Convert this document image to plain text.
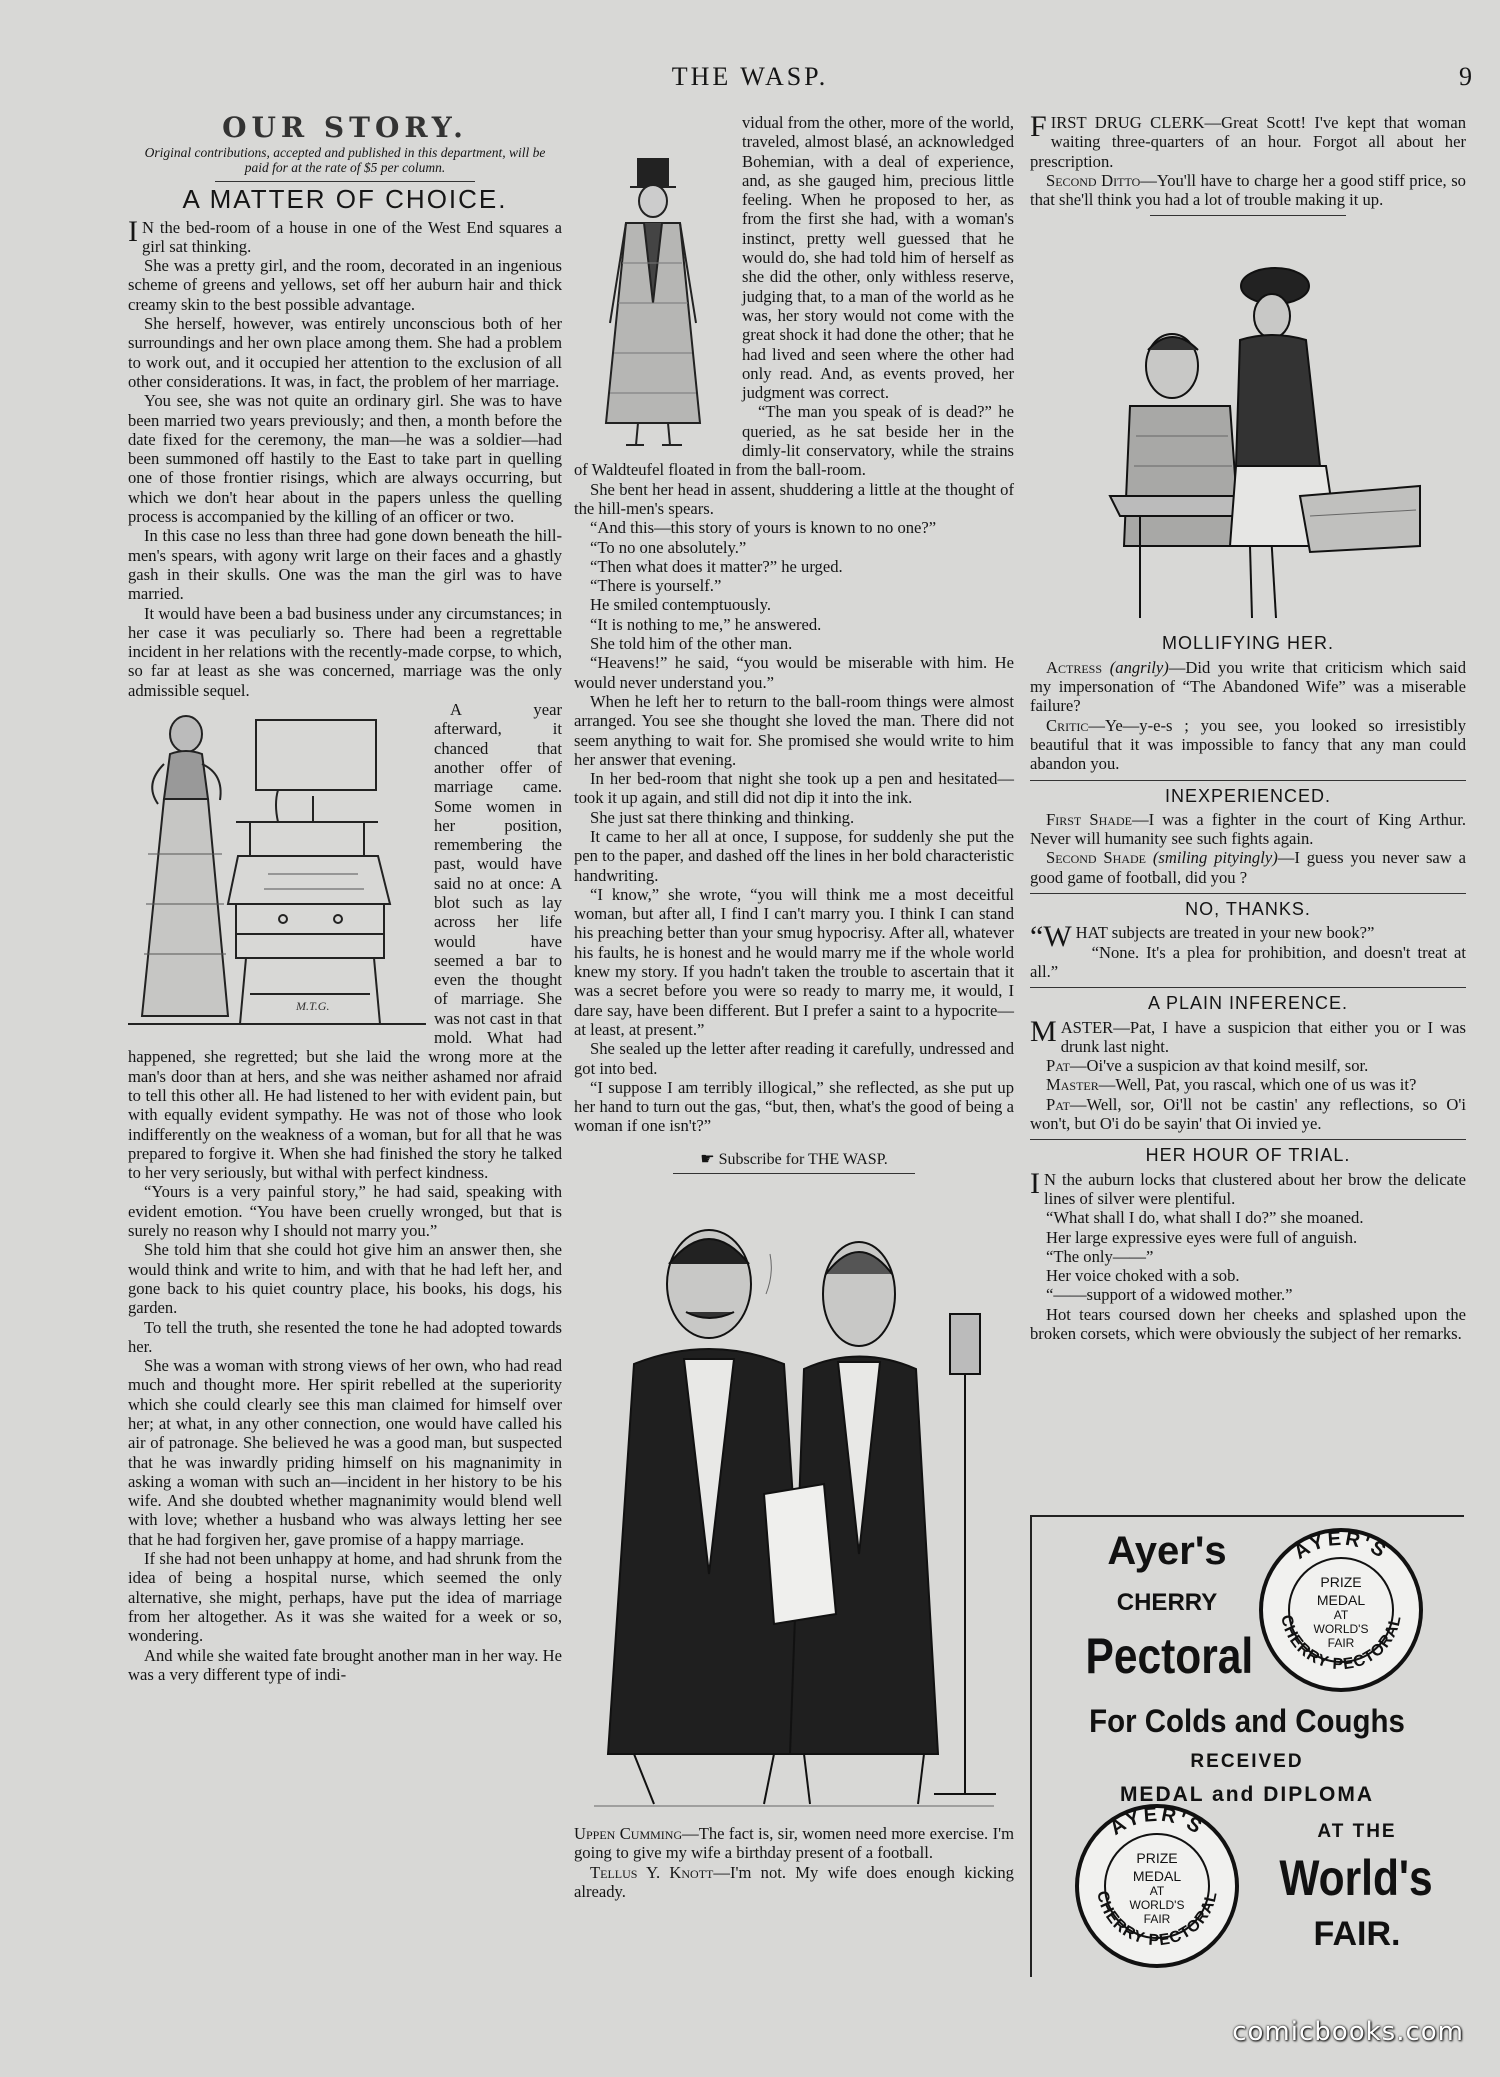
THE WASP.	9
OUR STORY.
Original contributions, accepted and published in this department, will be paid for at the rate of $5 per column.
A MATTER OF CHOICE.

I N the bed-room of a house in one of the West End squares a girl sat thinking.

She was a pretty girl, and the room, decorated in an ingenious scheme of greens and yellows, set off her auburn hair and thick creamy skin to the best possible advantage.

She herself, however, was entirely unconscious both of her surroundings and her own place among them. She had a problem to work out, and it occupied her attention to the exclusion of all other considerations. It was, in fact, the problem of her marriage.

You see, she was not quite an ordinary girl. She was to have been married two years previously; and then, a month before the date fixed for the ceremony, the man—he was a soldier—had been summoned off hastily to the East to take part in quelling one of those frontier risings, which are always occurring, but which we don't hear about in the papers unless the quelling process is accompanied by the killing of an officer or two.

In this case no less than three had gone down beneath the hill-men's spears, with agony writ large on their faces and a ghastly gash in their skulls. One was the man the girl was to have married.

It would have been a bad business under any circumstances; in her case it was peculiarly so. There had been a regrettable incident in her relations with the recently-made corpse, to which, so far at least as she was concerned, marriage was the only admissible sequel.

M.T.G.

A year afterward, it chanced that another offer of marriage came. Some women in her position, remembering the past, would have said no at once: A blot such as lay across her life would have seemed a bar to even the thought of marriage. She was not cast in that mold. What had happened, she regretted; but she laid the wrong more at the man's door than at hers, and she was neither ashamed nor afraid to tell this other all. He had listened to her with evident pain, but with equally evident sympathy. He was not of those who look indifferently on the weakness of a woman, but for all that he was prepared to forgive it. When she had finished the story he talked to her very seriously, but withal with perfect kindness.

“Yours is a very painful story,” he had said, speaking with evident emotion. “You have been cruelly wronged, but that is surely no reason why I should not marry you.”

She told him that she could hot give him an answer then, she would think and write to him, and with that he had left her, and gone back to his quiet country place, his books, his dogs, his garden.

To tell the truth, she resented the tone he had adopted towards her.

She was a woman with strong views of her own, who had read much and thought more. Her spirit rebelled at the superiority which she could clearly see this man claimed for himself over her; at what, in any other connection, one would have called his air of patronage. She believed he was a good man, but suspected that he was inwardly priding himself on his magnanimity in asking a woman with such an—incident in her history to be his wife. And she doubted whether magnanimity would blend well with love; whether a husband who was always letting her see that he had forgiven her, gave promise of a happy marriage.

If she had not been unhappy at home, and had shrunk from the idea of being a hospital nurse, which seemed the only alternative, she might, perhaps, have put the idea of marriage from her altogether. As it was she waited for a week or so, wondering.

And while she waited fate brought another man in her way. He was a very different type of indi-

vidual from the other, more of the world, traveled, almost blasé, an acknowledged Bohemian, with a deal of experience, and, as she gauged him, precious little feeling. When he proposed to her, as from the first she had, with a woman's instinct, pretty well guessed that he would do, she had told him of herself as she did the other, only withless reserve, judging that, to a man of the world as he was, her story would not come with the great shock it had done the other; that he had lived and seen where the other had only read. And, as events proved, her judgment was correct.

“The man you speak of is dead?” he queried, as he sat beside her in the dimly-lit conservatory, while the strains of Waldteufel floated in from the ball-room.

She bent her head in assent, shuddering a little at the thought of the hill-men's spears.

“And this—this story of yours is known to no one?”

“To no one absolutely.”

“Then what does it matter?” he urged.

“There is yourself.”

He smiled contemptuously.

“It is nothing to me,” he answered.

She told him of the other man.

“Heavens!” he said, “you would be miserable with him. He would never understand you.”

When he left her to return to the ball-room things were almost arranged. You see she thought she loved the man. There did not seem anything to wait for. She promised she would write to him her answer that evening.

In her bed-room that night she took up a pen and hesitated—took it up again, and still did not dip it into the ink.

She just sat there thinking and thinking.

It came to her all at once, I suppose, for suddenly she put the pen to the paper, and dashed off the lines in her bold characteristic handwriting.

“I know,” she wrote, “you will think me a most deceitful woman, but after all, I find I can't marry you. I think I can stand his preaching better than your smug hypocrisy. After all, whatever his faults, he is honest and he would marry me if the whole world knew my story. If you hadn't taken the trouble to ascertain that it was a secret before you were so ready to marry me, it would, I dare say, have been different. But I prefer a saint to a hypocrite—at least, at present.”

She sealed up the letter after reading it carefully, undressed and got into bed.

“I suppose I am terribly illogical,” she reflected, as she put up her hand to turn out the gas, “but, then, what's the good of being a woman if one isn't?”

☛ Subscribe for THE WASP.

Uppen Cumming—The fact is, sir, women need more exercise. I'm going to give my wife a birthday present of a football.

Tellus Y. Knott—I'm not. My wife does enough kicking already.

FIRST DRUG CLERK—Great Scott! I've kept that woman waiting three-quarters of an hour. Forgot all about her prescription.

Second Ditto—You'll have to charge her a good stiff price, so that she'll think you had a lot of trouble making it up.

MOLLIFYING HER.

Actress (angrily)—Did you write that criticism which said my impersonation of “The Abandoned Wife” was a miserable failure?

Critic—Ye—y-e-s ; you see, you looked so irresistibly beautiful that it was impossible to fancy that any man could abandon you.

INEXPERIENCED.

First Shade—I was a fighter in the court of King Arthur. Never will humanity see such fights again.

Second Shade (smiling pityingly)—I guess you never saw a good game of football, did you ?

NO, THANKS.

“WHAT subjects are treated in your new book?”

“None. It's a plea for prohibition, and doesn't treat at all.”

A PLAIN INFERENCE.

MASTER—Pat, I have a suspicion that either you or I was drunk last night.

Pat—Oi've a suspicion av that koind mesilf, sor.

Master—Well, Pat, you rascal, which one of us was it?

Pat—Well, sor, Oi'll not be castin' any reflections, so O'i won't, but O'i do be sayin' that Oi invied ye.

HER HOUR OF TRIAL.

I N the auburn locks that clustered about her brow the delicate lines of silver were plentiful.

“What shall I do, what shall I do?” she moaned.

Her large expressive eyes were full of anguish.

“The only——”

Her voice choked with a sob.

“——support of a widowed mother.”

Hot tears coursed down her cheeks and splashed upon the broken corsets, which were obviously the subject of her remarks.

Ayer's
CHERRY
Pectoral
For Colds and Coughs
RECEIVED
MEDAL and DIPLOMA
AT THE
World's
FAIR.
AYER'S
CHERRY PECTORAL
PRIZE
MEDAL
AT
WORLD'S
FAIR
AYER'S
CHERRY PECTORAL
PRIZE
MEDAL
AT
WORLD'S
FAIR
comicbooks.com
